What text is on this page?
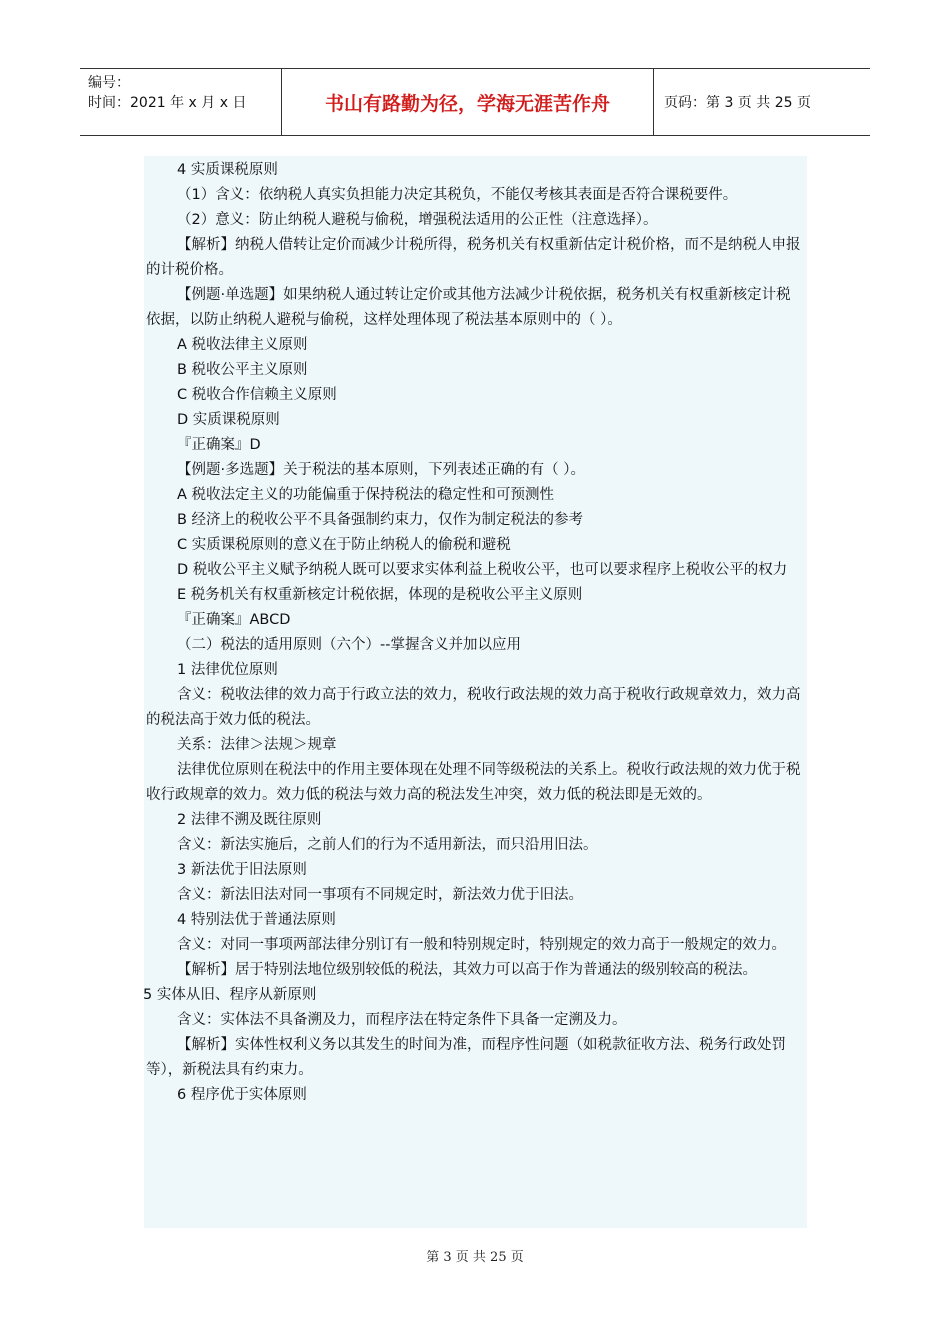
编号：
时间：2021 年 x 月 x 日	书山有路勤为径，学海无涯苦作舟	页码：第 3 页 共 25 页

4 实质课税原则

（1）含义：依纳税人真实负担能力决定其税负，不能仅考核其表面是否符合课税要件。

（2）意义：防止纳税人避税与偷税，增强税法适用的公正性（注意选择）。

【解析】纳税人借转让定价而减少计税所得，税务机关有权重新估定计税价格，而不是纳税人申报的计税价格。

【例题·单选题】如果纳税人通过转让定价或其他方法减少计税依据，税务机关有权重新核定计税依据，以防止纳税人避税与偷税，这样处理体现了税法基本原则中的（ ）。

A 税收法律主义原则

B 税收公平主义原则

C 税收合作信赖主义原则

D 实质课税原则

『正确案』D

【例题·多选题】关于税法的基本原则，下列表述正确的有（ ）。

A 税收法定主义的功能偏重于保持税法的稳定性和可预测性

B 经济上的税收公平不具备强制约束力，仅作为制定税法的参考

C 实质课税原则的意义在于防止纳税人的偷税和避税

D 税收公平主义赋予纳税人既可以要求实体利益上税收公平，也可以要求程序上税收公平的权力

E 税务机关有权重新核定计税依据，体现的是税收公平主义原则

『正确案』ABCD

（二）税法的适用原则（六个）--掌握含义并加以应用

1 法律优位原则

含义：税收法律的效力高于行政立法的效力，税收行政法规的效力高于税收行政规章效力，效力高的税法高于效力低的税法。

关系：法律＞法规＞规章

法律优位原则在税法中的作用主要体现在处理不同等级税法的关系上。税收行政法规的效力优于税收行政规章的效力。效力低的税法与效力高的税法发生冲突，效力低的税法即是无效的。

2 法律不溯及既往原则

含义：新法实施后，之前人们的行为不适用新法，而只沿用旧法。

3 新法优于旧法原则

含义：新法旧法对同一事项有不同规定时，新法效力优于旧法。

4 特别法优于普通法原则

含义：对同一事项两部法律分别订有一般和特别规定时，特别规定的效力高于一般规定的效力。

【解析】居于特别法地位级别较低的税法，其效力可以高于作为普通法的级别较高的税法。

5 实体从旧、程序从新原则

含义：实体法不具备溯及力，而程序法在特定条件下具备一定溯及力。

【解析】实体性权利义务以其发生的时间为准，而程序性问题（如税款征收方法、税务行政处罚等），新税法具有约束力。

6 程序优于实体原则

第 3 页 共 25 页
